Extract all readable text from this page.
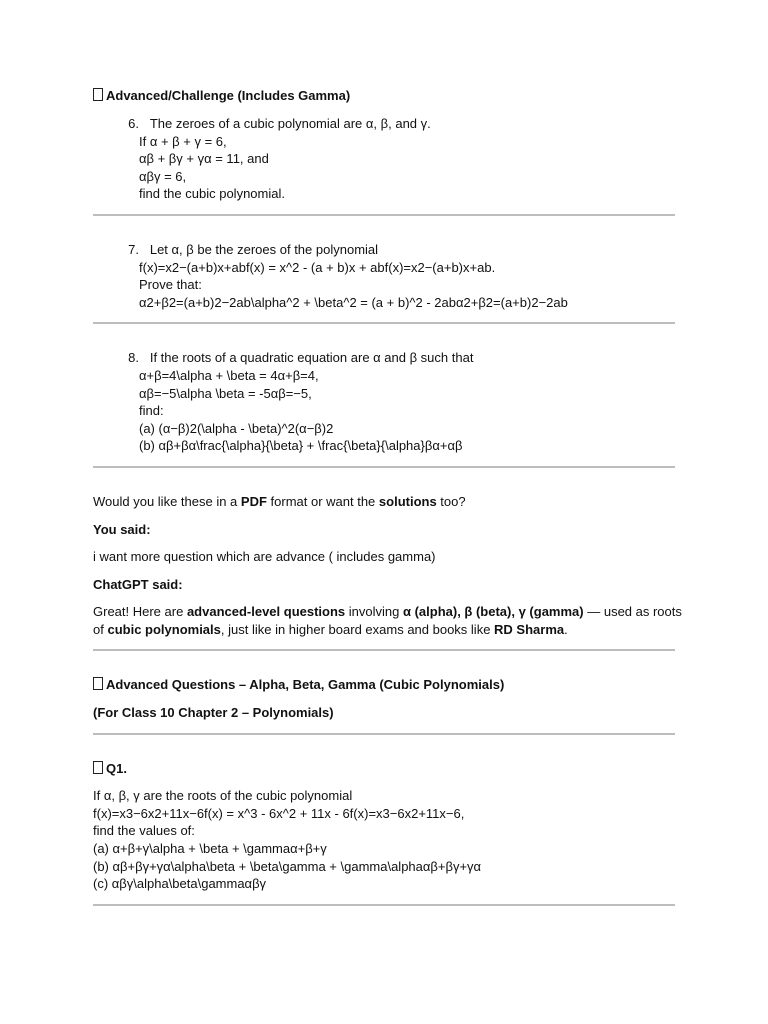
Advanced/Challenge (Includes Gamma)
6. The zeroes of a cubic polynomial are α, β, and γ.
If α + β + γ = 6,
αβ + βγ + γα = 11, and
αβγ = 6,
find the cubic polynomial.
7. Let α, β be the zeroes of the polynomial
f(x)=x2−(a+b)x+abf(x) = x^2 - (a + b)x + abf(x)=x2−(a+b)x+ab.
Prove that:
α2+β2=(a+b)2−2ab\alpha^2 + \beta^2 = (a + b)^2 - 2abα2+β2=(a+b)2−2ab
8. If the roots of a quadratic equation are α and β such that
α+β=4\alpha + \beta = 4α+β=4,
αβ=−5\alpha \beta = -5αβ=−5,
find:
(a) (α−β)2(\alpha - \beta)^2(α−β)2
(b) αβ+βα\frac{\alpha}{\beta} + \frac{\beta}{\alpha}βα+αβ
Would you like these in a PDF format or want the solutions too?
You said:
i want more question which are advance ( includes gamma)
ChatGPT said:
Great! Here are advanced-level questions involving α (alpha), β (beta), γ (gamma) — used as roots
of cubic polynomials, just like in higher board exams and books like RD Sharma.
Advanced Questions – Alpha, Beta, Gamma (Cubic Polynomials)
(For Class 10 Chapter 2 – Polynomials)
Q1.
If α, β, γ are the roots of the cubic polynomial
f(x)=x3−6x2+11x−6f(x) = x^3 - 6x^2 + 11x - 6f(x)=x3−6x2+11x−6,
find the values of:
(a) α+β+γ\alpha + \beta + \gammaα+β+γ
(b) αβ+βγ+γα\alpha\beta + \beta\gamma + \gamma\alphaαβ+βγ+γα
(c) αβγ\alpha\beta\gammaαβγ
